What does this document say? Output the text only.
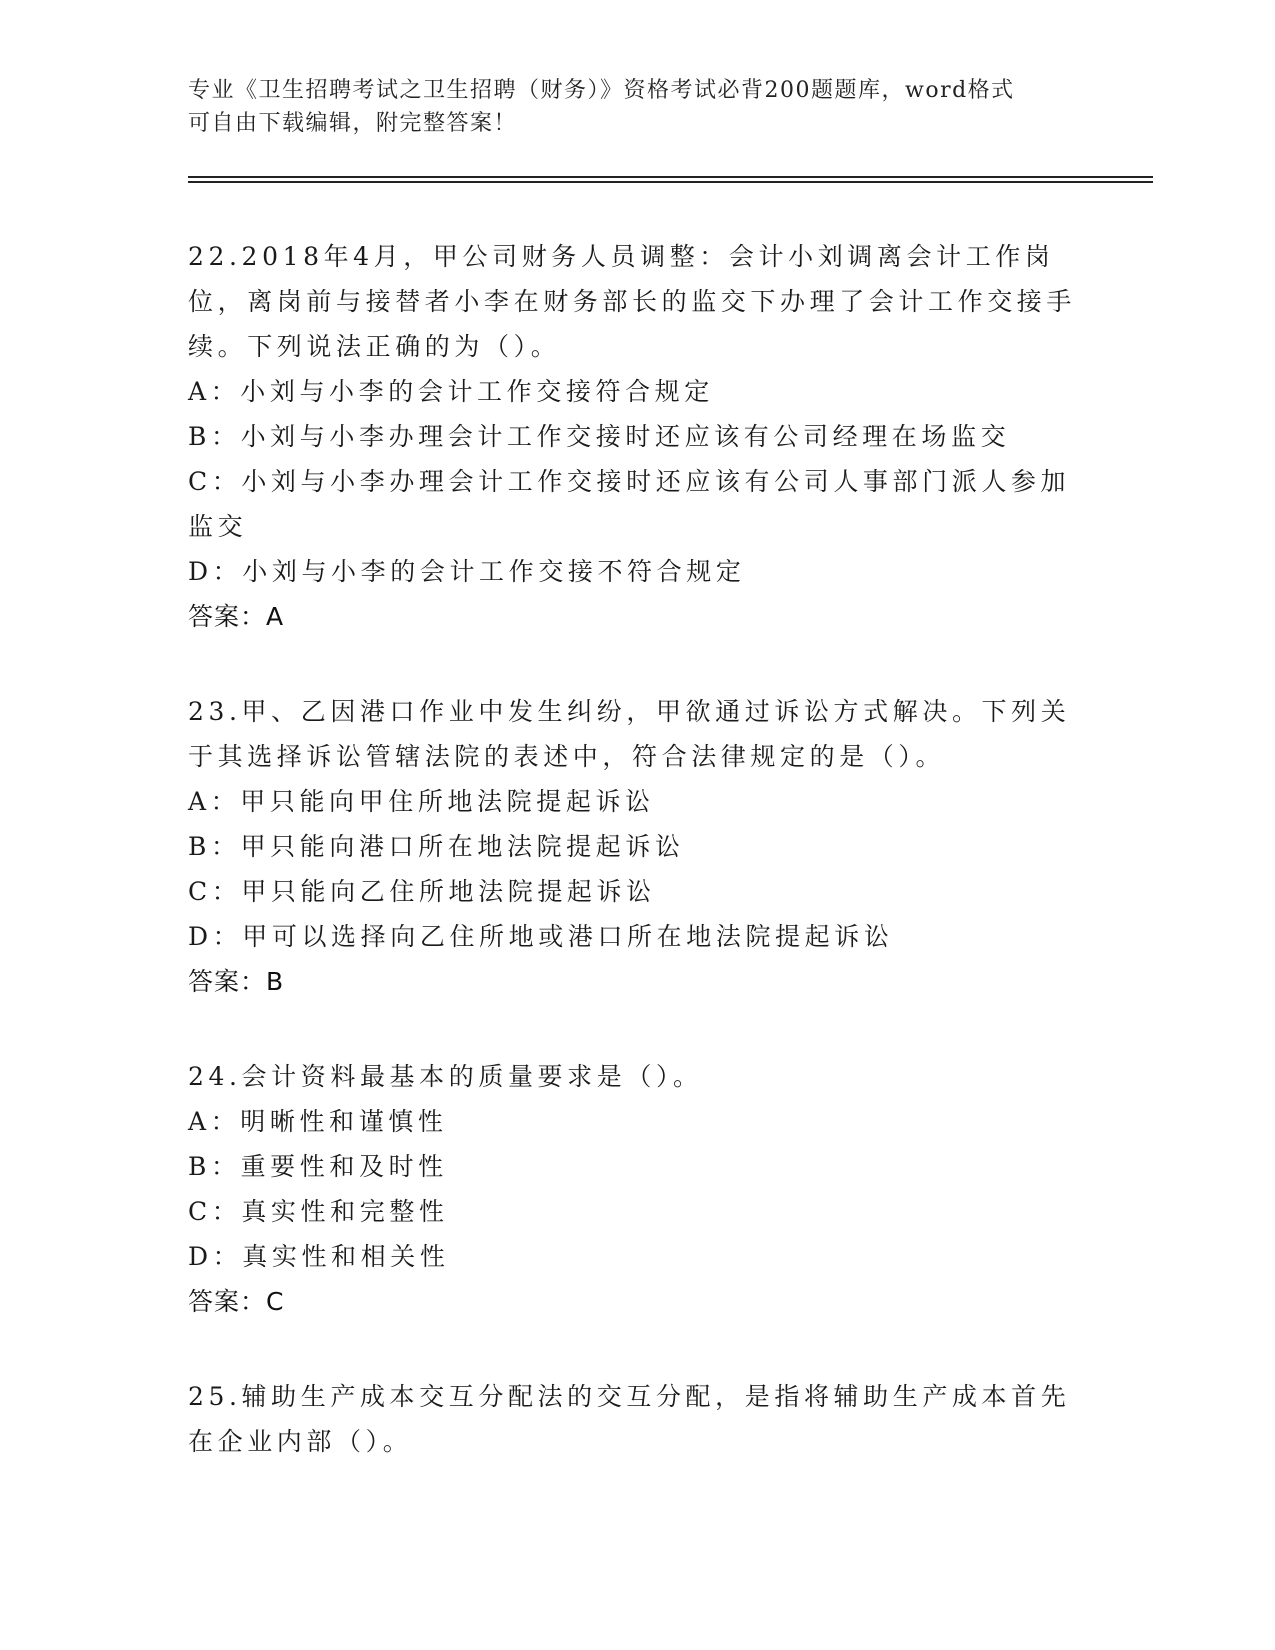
专业《卫生招聘考试之卫生招聘（财务）》资格考试必背200题题库，word格式
可自由下载编辑，附完整答案！
22.2018年4月，甲公司财务人员调整：会计小刘调离会计工作岗位，离岗前与接替者小李在财务部长的监交下办理了会计工作交接手续。下列说法正确的为（）。
A：小刘与小李的会计工作交接符合规定
B：小刘与小李办理会计工作交接时还应该有公司经理在场监交
C：小刘与小李办理会计工作交接时还应该有公司人事部门派人参加监交
D：小刘与小李的会计工作交接不符合规定
答案：A
23.甲、乙因港口作业中发生纠纷，甲欲通过诉讼方式解决。下列关于其选择诉讼管辖法院的表述中，符合法律规定的是（）。
A：甲只能向甲住所地法院提起诉讼
B：甲只能向港口所在地法院提起诉讼
C：甲只能向乙住所地法院提起诉讼
D：甲可以选择向乙住所地或港口所在地法院提起诉讼
答案：B
24.会计资料最基本的质量要求是（）。
A：明晰性和谨慎性
B：重要性和及时性
C：真实性和完整性
D：真实性和相关性
答案：C
25.辅助生产成本交互分配法的交互分配，是指将辅助生产成本首先在企业内部（）。
